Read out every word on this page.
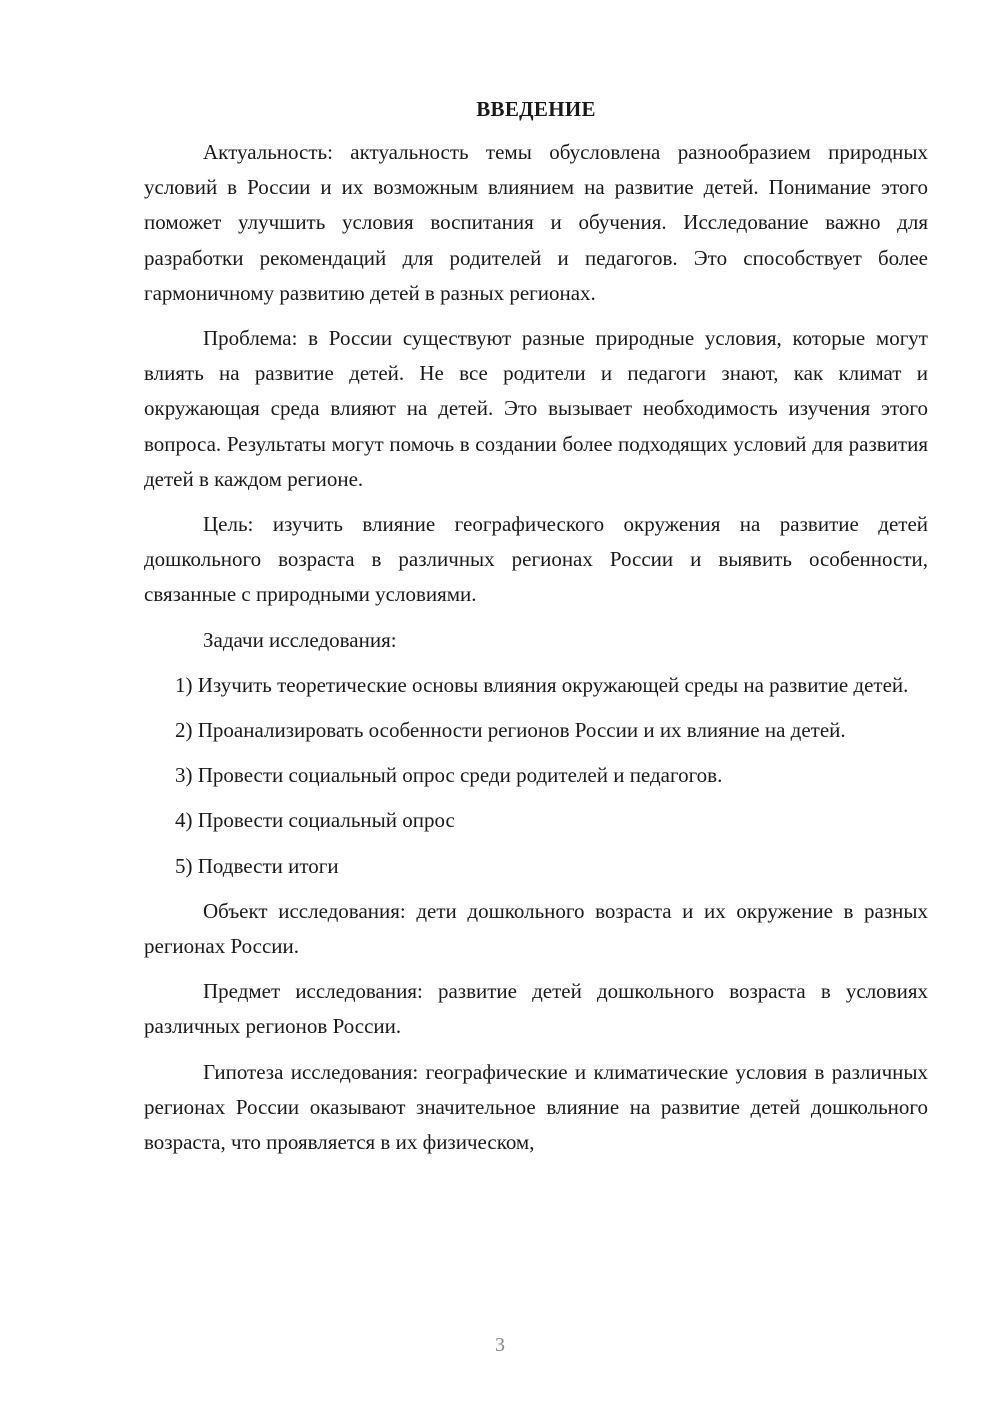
ВВЕДЕНИЕ

Актуальность: актуальность темы обусловлена разнообразием природных условий в России и их возможным влиянием на развитие детей. Понимание этого поможет улучшить условия воспитания и обучения. Исследование важно для разработки рекомендаций для родителей и педагогов. Это способствует более гармоничному развитию детей в разных регионах.

Проблема: в России существуют разные природные условия, которые могут влиять на развитие детей. Не все родители и педагоги знают, как климат и окружающая среда влияют на детей. Это вызывает необходимость изучения этого вопроса. Результаты могут помочь в создании более подходящих условий для развития детей в каждом регионе.

Цель: изучить влияние географического окружения на развитие детей дошкольного возраста в различных регионах России и выявить особенности, связанные с природными условиями.

Задачи исследования:

1) Изучить теоретические основы влияния окружающей среды на развитие детей.

2) Проанализировать особенности регионов России и их влияние на детей.

3) Провести социальный опрос среди родителей и педагогов.

4) Провести социальный опрос

5) Подвести итоги

Объект исследования: дети дошкольного возраста и их окружение в разных регионах России.

Предмет исследования: развитие детей дошкольного возраста в условиях различных регионов России.

Гипотеза исследования: географические и климатические условия в различных регионах России оказывают значительное влияние на развитие детей дошкольного возраста, что проявляется в их физическом,

3
